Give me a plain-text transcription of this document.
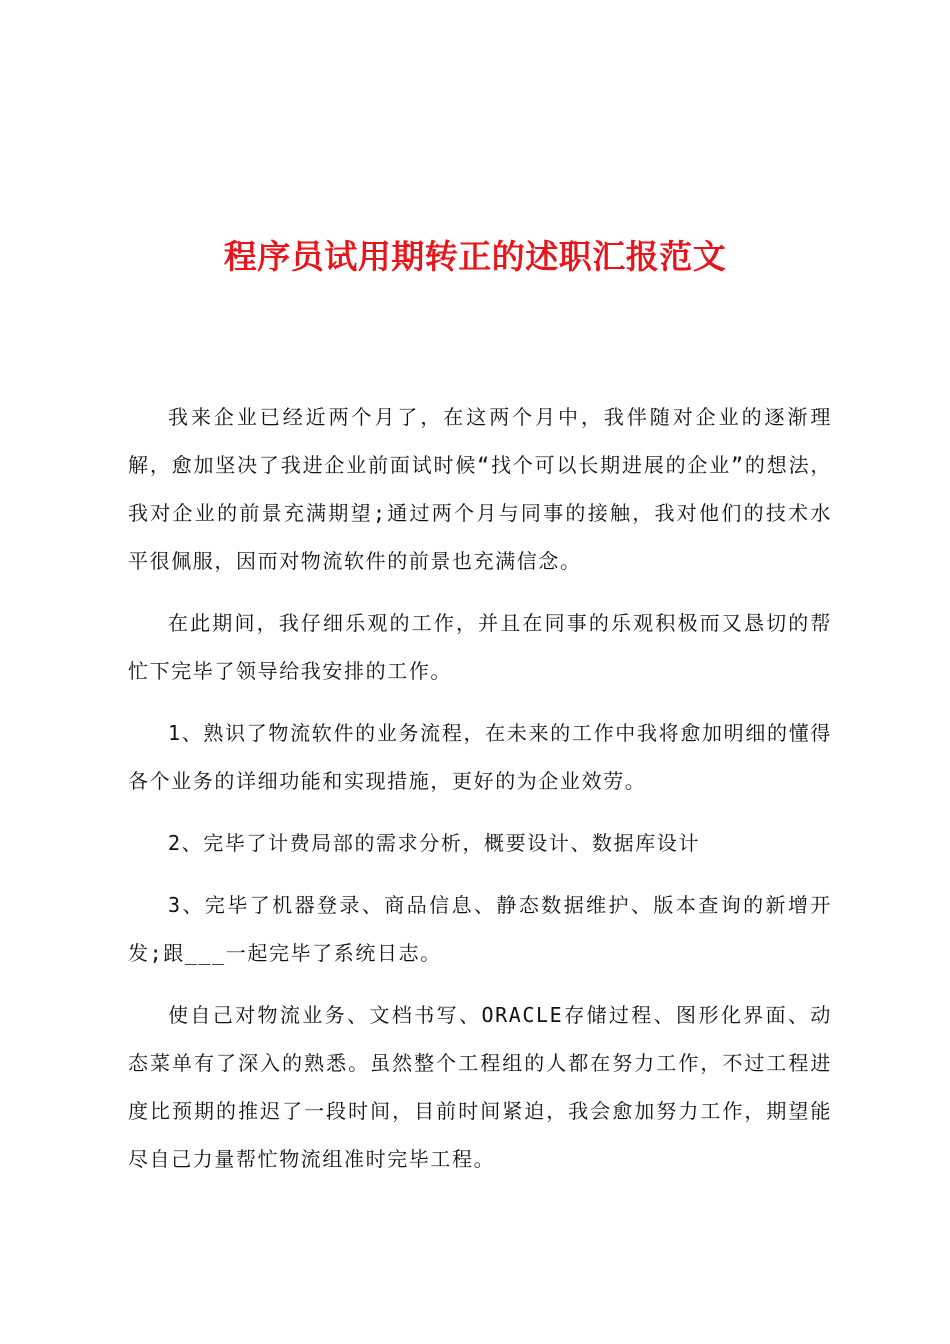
程序员试用期转正的述职汇报范文

我来企业已经近两个月了，在这两个月中，我伴随对企业的逐渐理解，愈加坚决了我进企业前面试时候“找个可以长期进展的企业”的想法，我对企业的前景充满期望;通过两个月与同事的接触，我对他们的技术水平很佩服，因而对物流软件的前景也充满信念。

在此期间，我仔细乐观的工作，并且在同事的乐观积极而又恳切的帮忙下完毕了领导给我安排的工作。

1、熟识了物流软件的业务流程，在未来的工作中我将愈加明细的懂得各个业务的详细功能和实现措施，更好的为企业效劳。

2、完毕了计费局部的需求分析，概要设计、数据库设计

3、完毕了机器登录、商品信息、静态数据维护、版本查询的新增开发;跟___一起完毕了系统日志。

使自己对物流业务、文档书写、ORACLE存储过程、图形化界面、动态菜单有了深入的熟悉。虽然整个工程组的人都在努力工作，不过工程进度比预期的推迟了一段时间，目前时间紧迫，我会愈加努力工作，期望能尽自己力量帮忙物流组准时完毕工程。
